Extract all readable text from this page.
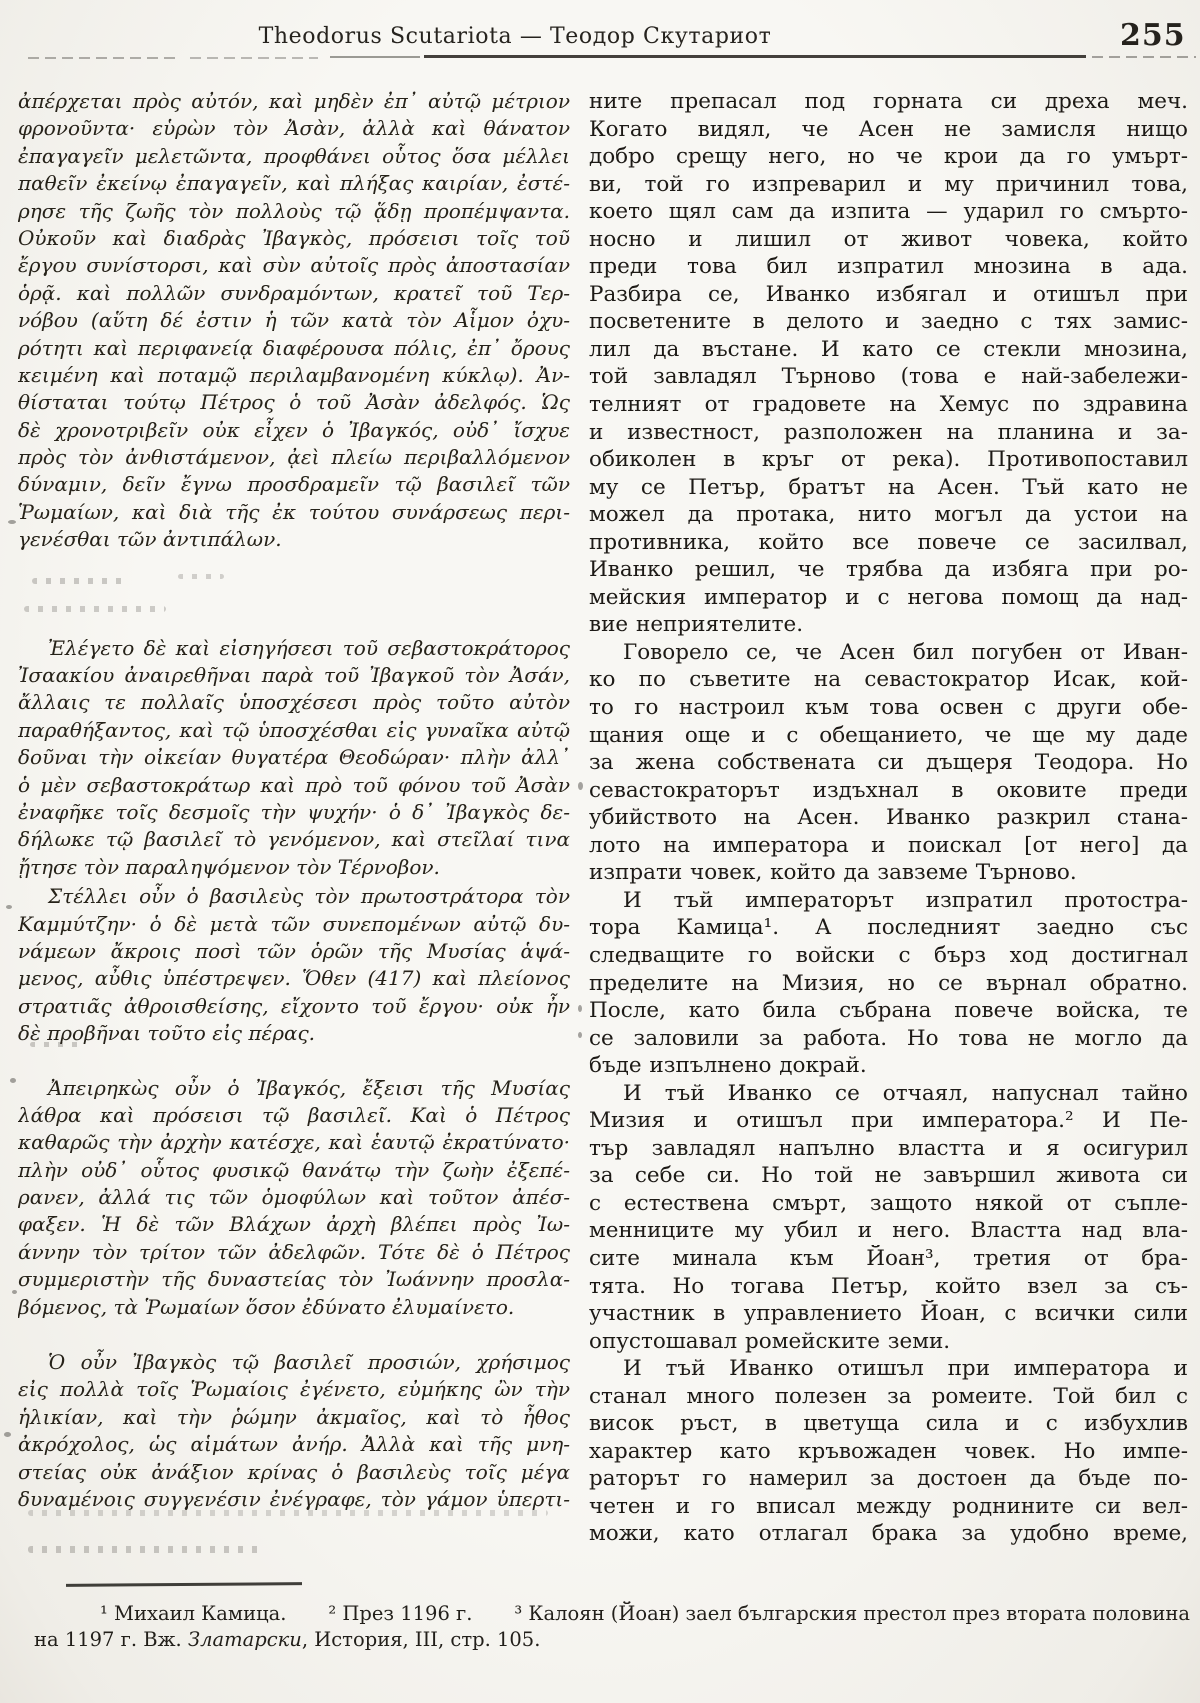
Theodorus Scutariota — Теодор Скутариот	255
ἀπέρχεται πρὸς αὐτόν, καὶ μηδὲν ἐπ᾽ αὐτῷ μέτριον
φρονοῦντα· εὑρὼν τὸν Ἀσὰν, ἀλλὰ καὶ θάνατον
ἐπαγαγεῖν μελετῶντα, προφθάνει οὗτος ὅσα μέλλει
παθεῖν ἐκείνῳ ἐπαγαγεῖν, καὶ πλήξας καιρίαν, ἐστέ-
ρησε τῆς ζωῆς τὸν πολλοὺς τῷ ᾅδῃ προπέμψαντα.
Οὐκοῦν καὶ διαδρὰς Ἰβαγκὸς, πρόσεισι τοῖς τοῦ
ἔργου συνίστορσι, καὶ σὺν αὐτοῖς πρὸς ἀποστασίαν
ὁρᾷ. καὶ πολλῶν συνδραμόντων, κρατεῖ τοῦ Τερ-
νόβου (αὕτη δέ ἐστιν ἡ τῶν κατὰ τὸν Αἷμον ὀχυ-
ρότητι καὶ περιφανείᾳ διαφέρουσα πόλις, ἐπ᾽ ὄρους
κειμένη καὶ ποταμῷ περιλαμβανομένη κύκλῳ). Ἀν-
θίσταται τούτῳ Πέτρος ὁ τοῦ Ἀσὰν ἀδελφός. Ὡς
δὲ χρονοτριβεῖν οὐκ εἶχεν ὁ Ἰβαγκός, οὐδ᾽ ἴσχυε
πρὸς τὸν ἀνθιστάμενον, ᾀεὶ πλείω περιβαλλόμενον
δύναμιν, δεῖν ἔγνω προσδραμεῖν τῷ βασιλεῖ τῶν
Ῥωμαίων, καὶ διὰ τῆς ἐκ τούτου συνάρσεως περι-
γενέσθαι τῶν ἀντιπάλων.
Ἐλέγετο δὲ καὶ εἰσηγήσεσι τοῦ σεβαστοκράτορος
Ἰσαακίου ἀναιρεθῆναι παρὰ τοῦ Ἰβαγκοῦ τὸν Ἀσάν,
ἄλλαις τε πολλαῖς ὑποσχέσεσι πρὸς τοῦτο αὐτὸν
παραθήξαντος, καὶ τῷ ὑποσχέσθαι εἰς γυναῖκα αὐτῷ
δοῦναι τὴν οἰκείαν θυγατέρα Θεοδώραν· πλὴν ἀλλ᾽
ὁ μὲν σεβαστοκράτωρ καὶ πρὸ τοῦ φόνου τοῦ Ἀσὰν
ἐναφῆκε τοῖς δεσμοῖς τὴν ψυχήν· ὁ δ᾽ Ἰβαγκὸς δε-
δήλωκε τῷ βασιλεῖ τὸ γενόμενον, καὶ στεῖλαί τινα
ᾔτησε τὸν παραληψόμενον τὸν Τέρνοβον.
Στέλλει οὖν ὁ βασιλεὺς τὸν πρωτοστράτορα τὸν
Καμμύτζην· ὁ δὲ μετὰ τῶν συνεπομένων αὐτῷ δυ-
νάμεων ἄκροις ποσὶ τῶν ὁρῶν τῆς Μυσίας ἁψά-
μενος, αὖθις ὑπέστρεψεν. Ὅθεν (417) καὶ πλείονος
στρατιᾶς ἀθροισθείσης, εἴχοντο τοῦ ἔργου· οὐκ ἦν
δὲ προβῆναι τοῦτο εἰς πέρας.
Ἀπειρηκὼς οὖν ὁ Ἰβαγκός, ἔξεισι τῆς Μυσίας
λάθρα καὶ πρόσεισι τῷ βασιλεῖ. Καὶ ὁ Πέτρος
καθαρῶς τὴν ἀρχὴν κατέσχε, καὶ ἑαυτῷ ἐκρατύνατο·
πλὴν οὐδ᾽ οὗτος φυσικῷ θανάτῳ τὴν ζωὴν ἐξεπέ-
ρανεν, ἀλλά τις τῶν ὁμοφύλων καὶ τοῦτον ἀπέσ-
φαξεν. Ἡ δὲ τῶν Βλάχων ἀρχὴ βλέπει πρὸς Ἰω-
άννην τὸν τρίτον τῶν ἀδελφῶν. Τότε δὲ ὁ Πέτρος
συμμεριστὴν τῆς δυναστείας τὸν Ἰωάννην προσλα-
βόμενος, τὰ Ῥωμαίων ὅσον ἐδύνατο ἐλυμαίνετο.
Ὁ οὖν Ἰβαγκὸς τῷ βασιλεῖ προσιών, χρήσιμος
εἰς πολλὰ τοῖς Ῥωμαίοις ἐγένετο, εὐμήκης ὢν τὴν
ἡλικίαν, καὶ τὴν ῥώμην ἀκμαῖος, καὶ τὸ ἦθος
ἀκρόχολος, ὡς αἱμάτων ἀνήρ. Ἀλλὰ καὶ τῆς μνη-
στείας οὐκ ἀνάξιον κρίνας ὁ βασιλεὺς τοῖς μέγα
δυναμένοις συγγενέσιν ἐνέγραφε, τὸν γάμον ὑπερτι-
ните препасал под горната си дреха меч.
Когато видял, че Асен не замисля нищо
добро срещу него, но че крои да го умърт-
ви, той го изпреварил и му причинил това,
което щял сам да изпита — ударил го смърто-
носно и лишил от живот човека, който
преди това бил изпратил мнозина в ада.
Разбира се, Иванко избягал и отишъл при
посветените в делото и заедно с тях замис-
лил да въстане. И като се стекли мнозина,
той завладял Търново (това е най-забележи-
телният от градовете на Хемус по здравина
и известност, разположен на планина и за-
обиколен в кръг от река). Противопоставил
му се Петър, братът на Асен. Тъй като не
можел да протака, нито могъл да устои на
противника, който все повече се засилвал,
Иванко решил, че трябва да избяга при ро-
мейския император и с негова помощ да над-
вие неприятелите.
Говорело се, че Асен бил погубен от Иван-
ко по съветите на севастократор Исак, кой-
то го настроил към това освен с други обе-
щания още и с обещанието, че ще му даде
за жена собствената си дъщеря Теодора. Но
севастократорът издъхнал в оковите преди
убийството на Асен. Иванко разкрил стана-
лото на императора и поискал [от него] да
изпрати човек, който да завземе Търново.
И тъй императорът изпратил протостра-
тора Камица¹. А последният заедно със
следващите го войски с бърз ход достигнал
пределите на Мизия, но се върнал обратно.
После, като била събрана повече войска, те
се заловили за работа. Но това не могло да
бъде изпълнено докрай.
И тъй Иванко се отчаял, напуснал тайно
Мизия и отишъл при императора.² И Пе-
тър завладял напълно властта и я осигурил
за себе си. Но той не завършил живота си
с естествена смърт, защото някой от съпле-
менниците му убил и него. Властта над вла-
сите минала към Йоан³, третия от бра-
тята. Но тогава Петър, който взел за съ-
участник в управлението Йоан, с всички сили
опустошавал ромейските земи.
И тъй Иванко отишъл при императора и
станал много полезен за ромеите. Той бил с
висок ръст, в цветуща сила и с избухлив
характер като кръвожаден човек. Но импе-
раторът го намерил за достоен да бъде по-
четен и го вписал между роднините си вел-
можи, като отлагал брака за удобно време,
¹ Михаил Камица. ² През 1196 г. ³ Калоян (Йоан) заел българския престол през втората половина
на 1197 г. Вж. Златарски, История, III, стр. 105.
